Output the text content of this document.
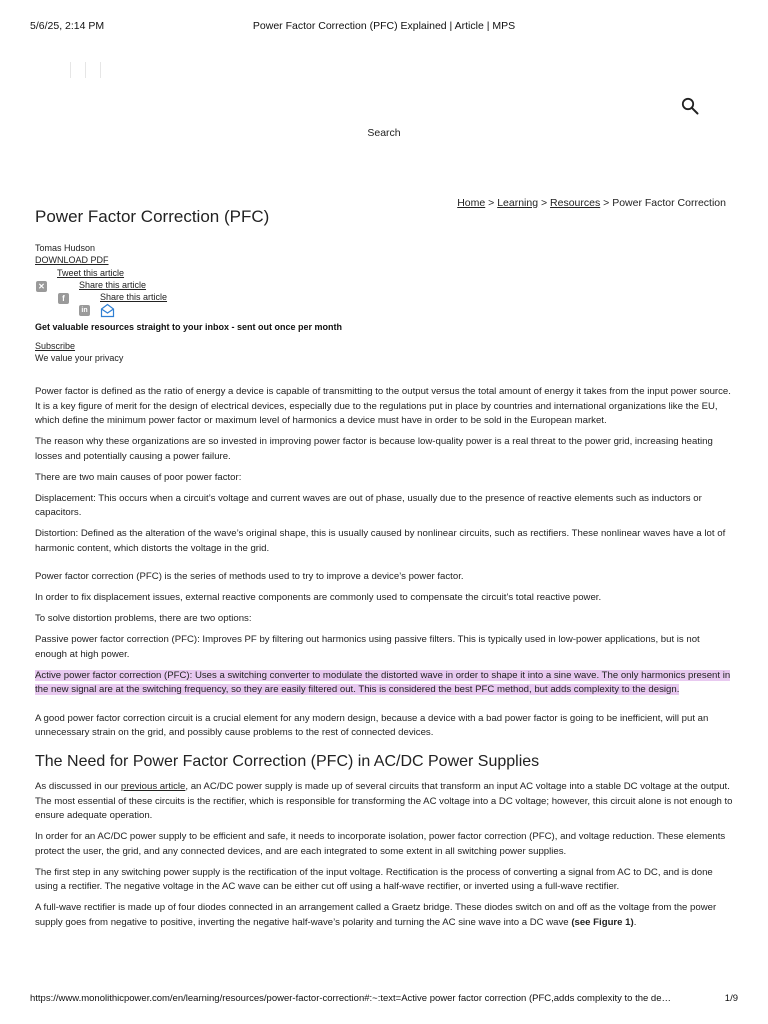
5/6/25, 2:14 PM	Power Factor Correction (PFC) Explained | Article | MPS
Search
Home > Learning > Resources > Power Factor Correction
Power Factor Correction (PFC)
Tomas Hudson
DOWNLOAD PDF
Tweet this article
✕	Share this article
f	Share this article
in
Get valuable resources straight to your inbox - sent out once per month
Subscribe
We value your privacy

Power factor is defined as the ratio of energy a device is capable of transmitting to the output versus the total amount of energy it takes from the input power source. It is a key figure of merit for the design of electrical devices, especially due to the regulations put in place by countries and international organizations like the EU, which define the minimum power factor or maximum level of harmonics a device must have in order to be sold in the European market.

The reason why these organizations are so invested in improving power factor is because low-quality power is a real threat to the power grid, increasing heating losses and potentially causing a power failure.

There are two main causes of poor power factor:

Displacement: This occurs when a circuit’s voltage and current waves are out of phase, usually due to the presence of reactive elements such as inductors or capacitors.

Distortion: Defined as the alteration of the wave’s original shape, this is usually caused by nonlinear circuits, such as rectifiers. These nonlinear waves have a lot of harmonic content, which distorts the voltage in the grid.

Power factor correction (PFC) is the series of methods used to try to improve a device’s power factor.

In order to fix displacement issues, external reactive components are commonly used to compensate the circuit’s total reactive power.

To solve distortion problems, there are two options:

Passive power factor correction (PFC): Improves PF by filtering out harmonics using passive filters. This is typically used in low-power applications, but is not enough at high power.

Active power factor correction (PFC): Uses a switching converter to modulate the distorted wave in order to shape it into a sine wave. The only harmonics present in the new signal are at the switching frequency, so they are easily filtered out. This is considered the best PFC method, but adds complexity to the design.

A good power factor correction circuit is a crucial element for any modern design, because a device with a bad power factor is going to be inefficient, will put an unnecessary strain on the grid, and possibly cause problems to the rest of connected devices.

The Need for Power Factor Correction (PFC) in AC/DC Power Supplies

As discussed in our previous article, an AC/DC power supply is made up of several circuits that transform an input AC voltage into a stable DC voltage at the output. The most essential of these circuits is the rectifier, which is responsible for transforming the AC voltage into a DC voltage; however, this circuit alone is not enough to ensure adequate operation.

In order for an AC/DC power supply to be efficient and safe, it needs to incorporate isolation, power factor correction (PFC), and voltage reduction. These elements protect the user, the grid, and any connected devices, and are each integrated to some extent in all switching power supplies.

The first step in any switching power supply is the rectification of the input voltage. Rectification is the process of converting a signal from AC to DC, and is done using a rectifier. The negative voltage in the AC wave can be either cut off using a half-wave rectifier, or inverted using a full-wave rectifier.

A full-wave rectifier is made up of four diodes connected in an arrangement called a Graetz bridge. These diodes switch on and off as the voltage from the power supply goes from negative to positive, inverting the negative half-wave’s polarity and turning the AC sine wave into a DC wave (see Figure 1).

https://www.monolithicpower.com/en/learning/resources/power-factor-correction#:~:text=Active power factor correction (PFC,adds complexity to the de…	1/9
